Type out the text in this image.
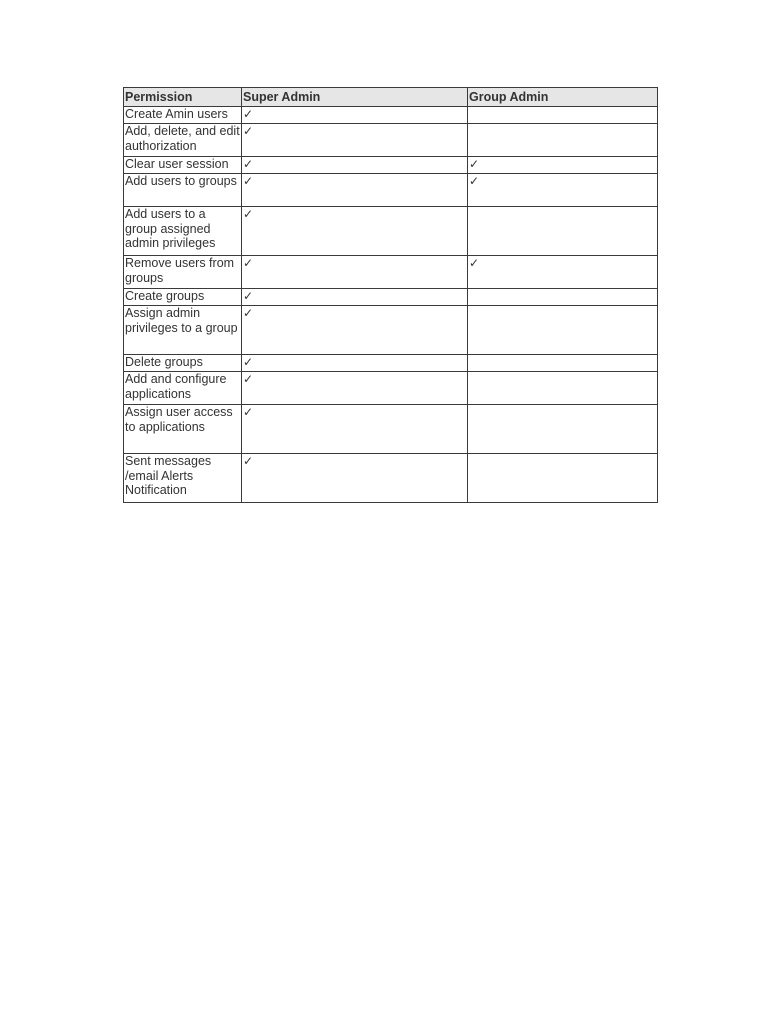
Permission	Super Admin	Group Admin
Create Amin users	✓	
Add, delete, and edit authorization	✓	
Clear user session	✓	✓
Add users to groups	✓	✓
Add users to a group assigned admin privileges	✓	
Remove users from groups	✓	✓
Create groups	✓	
Assign admin privileges to a group	✓	
Delete groups	✓	
Add and configure applications	✓	
Assign user access to applications	✓	
Sent messages /email Alerts Notification	✓	
